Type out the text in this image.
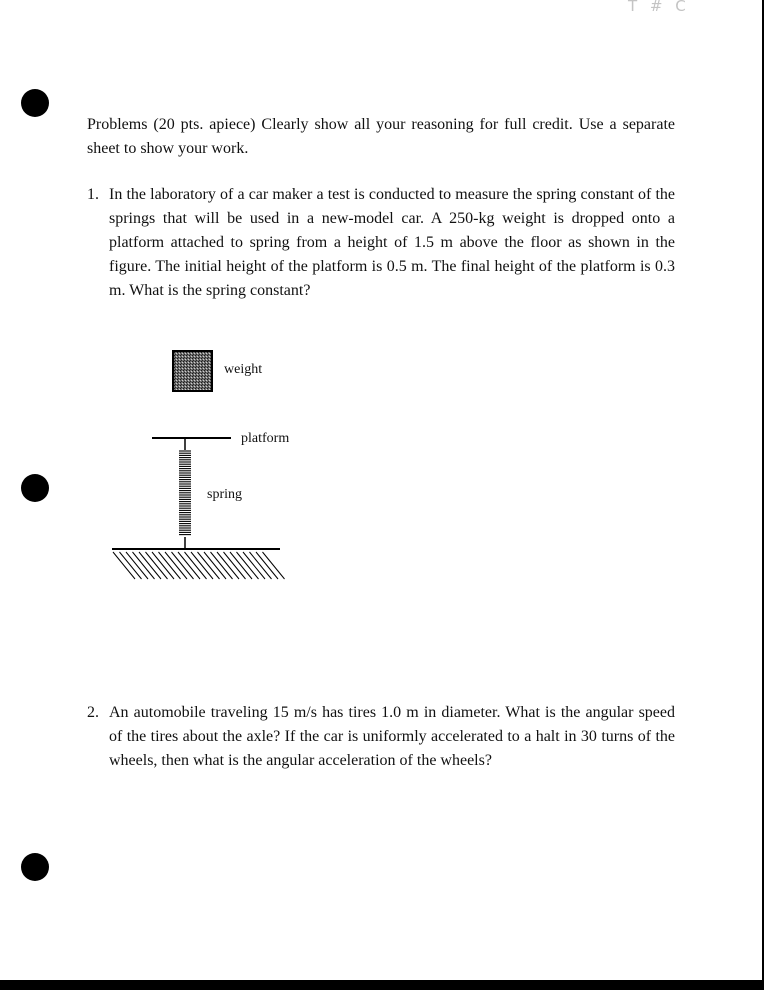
T # C

Problems (20 pts. apiece) Clearly show all your reasoning for full credit. Use a separate sheet to show your work.

1. In the laboratory of a car maker a test is conducted to measure the spring constant of the springs that will be used in a new-model car. A 250-kg weight is dropped onto a platform attached to spring from a height of 1.5 m above the floor as shown in the figure. The initial height of the platform is 0.5 m. The final height of the platform is 0.3 m. What is the spring constant?

weight
platform
spring
2. An automobile traveling 15 m/s has tires 1.0 m in diameter. What is the angular speed of the tires about the axle? If the car is uniformly accelerated to a halt in 30 turns of the wheels, then what is the angular acceleration of the wheels?
